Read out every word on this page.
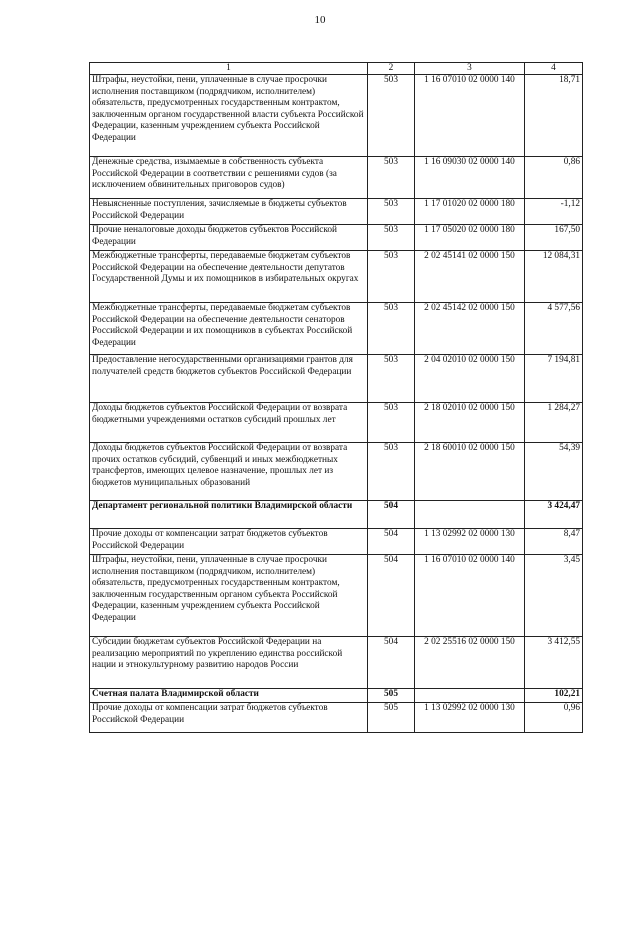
10
1	2	3	4
Штрафы, неустойки, пени, уплаченные в случае просрочки исполнения поставщиком (подрядчиком, исполнителем) обязательств, предусмотренных государственным контрактом, заключенным органом государственной власти субъекта Российской Федерации, казенным учреждением субъекта Российской Федерации	503	1 16 07010 02 0000 140	18,71
Денежные средства, изымаемые в собственность субъекта Российской Федерации в соответствии с решениями судов (за исключением обвинительных приговоров судов)	503	1 16 09030 02 0000 140	0,86
Невыясненные поступления, зачисляемые в бюджеты субъектов Российской Федерации	503	1 17 01020 02 0000 180	-1,12
Прочие неналоговые доходы бюджетов субъектов Российской Федерации	503	1 17 05020 02 0000 180	167,50
Межбюджетные трансферты, передаваемые бюджетам субъектов Российской Федерации на обеспечение деятельности депутатов Государственной Думы и их помощников в избирательных округах	503	2 02 45141 02 0000 150	12 084,31
Межбюджетные трансферты, передаваемые бюджетам субъектов Российской Федерации на обеспечение деятельности сенаторов Российской Федерации и их помощников в субъектах Российской Федерации	503	2 02 45142 02 0000 150	4 577,56
Предоставление негосударственными организациями грантов для получателей средств бюджетов субъектов Российской Федерации	503	2 04 02010 02 0000 150	7 194,81
Доходы бюджетов субъектов Российской Федерации от возврата бюджетными учреждениями остатков субсидий прошлых лет	503	2 18 02010 02 0000 150	1 284,27
Доходы бюджетов субъектов Российской Федерации от возврата прочих остатков субсидий, субвенций и иных межбюджетных трансфертов, имеющих целевое назначение, прошлых лет из бюджетов муниципальных образований	503	2 18 60010 02 0000 150	54,39
Департамент региональной политики Владимирской области	504		3 424,47
Прочие доходы от компенсации затрат бюджетов субъектов Российской Федерации	504	1 13 02992 02 0000 130	8,47
Штрафы, неустойки, пени, уплаченные в случае просрочки исполнения поставщиком (подрядчиком, исполнителем) обязательств, предусмотренных государственным контрактом, заключенным государственным органом субъекта Российской Федерации, казенным учреждением субъекта Российской Федерации	504	1 16 07010 02 0000 140	3,45
Субсидии бюджетам субъектов Российской Федерации на реализацию мероприятий по укреплению единства российской нации и этнокультурному развитию народов России	504	2 02 25516 02 0000 150	3 412,55
Счетная палата Владимирской области	505		102,21
Прочие доходы от компенсации затрат бюджетов субъектов Российской Федерации	505	1 13 02992 02 0000 130	0,96
